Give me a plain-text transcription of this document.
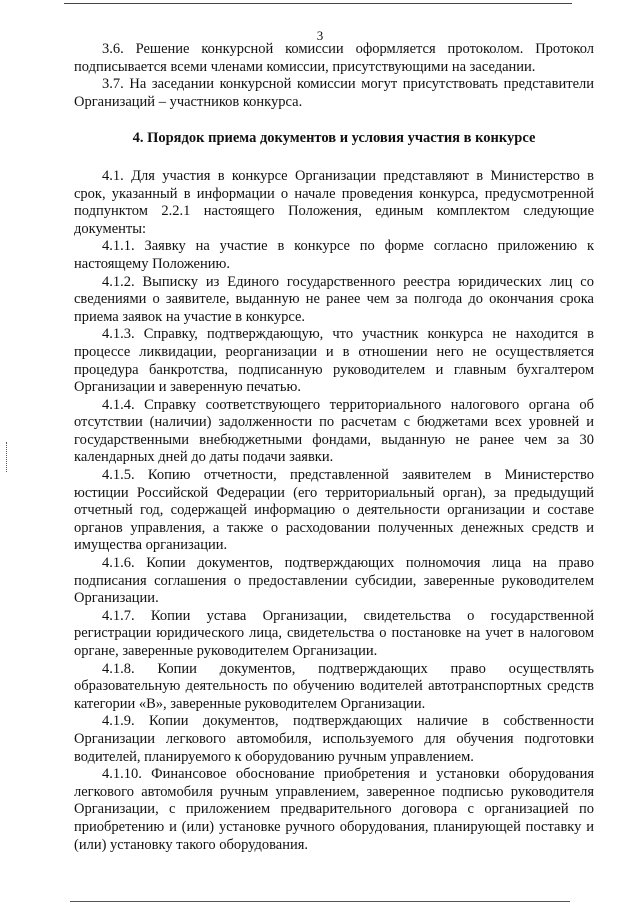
3

3.6. Решение конкурсной комиссии оформляется протоколом. Протокол подписывается всеми членами комиссии, присутствующими на заседании.

3.7. На заседании конкурсной комиссии могут присутствовать представители Организаций – участников конкурса.

4. Порядок приема документов и условия участия в конкурсе

4.1. Для участия в конкурсе Организации представляют в Министерство в срок, указанный в информации о начале проведения конкурса, предусмотренной подпунктом 2.2.1 настоящего Положения, единым комплектом следующие документы:

4.1.1. Заявку на участие в конкурсе по форме согласно приложению к настоящему Положению.

4.1.2. Выписку из Единого государственного реестра юридических лиц со сведениями о заявителе, выданную не ранее чем за полгода до окончания срока приема заявок на участие в конкурсе.

4.1.3. Справку, подтверждающую, что участник конкурса не находится в процессе ликвидации, реорганизации и в отношении него не осуществляется процедура банкротства, подписанную руководителем и главным бухгалтером Организации и заверенную печатью.

4.1.4. Справку соответствующего территориального налогового органа об отсутствии (наличии) задолженности по расчетам с бюджетами всех уровней и государственными внебюджетными фондами, выданную не ранее чем за 30 календарных дней до даты подачи заявки.

4.1.5. Копию отчетности, представленной заявителем в Министерство юстиции Российской Федерации (его территориальный орган), за предыдущий отчетный год, содержащей информацию о деятельности организации и составе органов управления, а также о расходовании полученных денежных средств и имущества организации.

4.1.6. Копии документов, подтверждающих полномочия лица на право подписания соглашения о предоставлении субсидии, заверенные руководителем Организации.

4.1.7. Копии устава Организации, свидетельства о государственной регистрации юридического лица, свидетельства о постановке на учет в налоговом органе, заверенные руководителем Организации.

4.1.8. Копии документов, подтверждающих право осуществлять образовательную деятельность по обучению водителей автотранспортных средств категории «В», заверенные руководителем Организации.

4.1.9. Копии документов, подтверждающих наличие в собственности Организации легкового автомобиля, используемого для обучения подготовки водителей, планируемого к оборудованию ручным управлением.

4.1.10. Финансовое обоснование приобретения и установки оборудования легкового автомобиля ручным управлением, заверенное подписью руководителя Организации, с приложением предварительного договора с организацией по приобретению и (или) установке ручного оборудования, планирующей поставку и (или) установку такого оборудования.
